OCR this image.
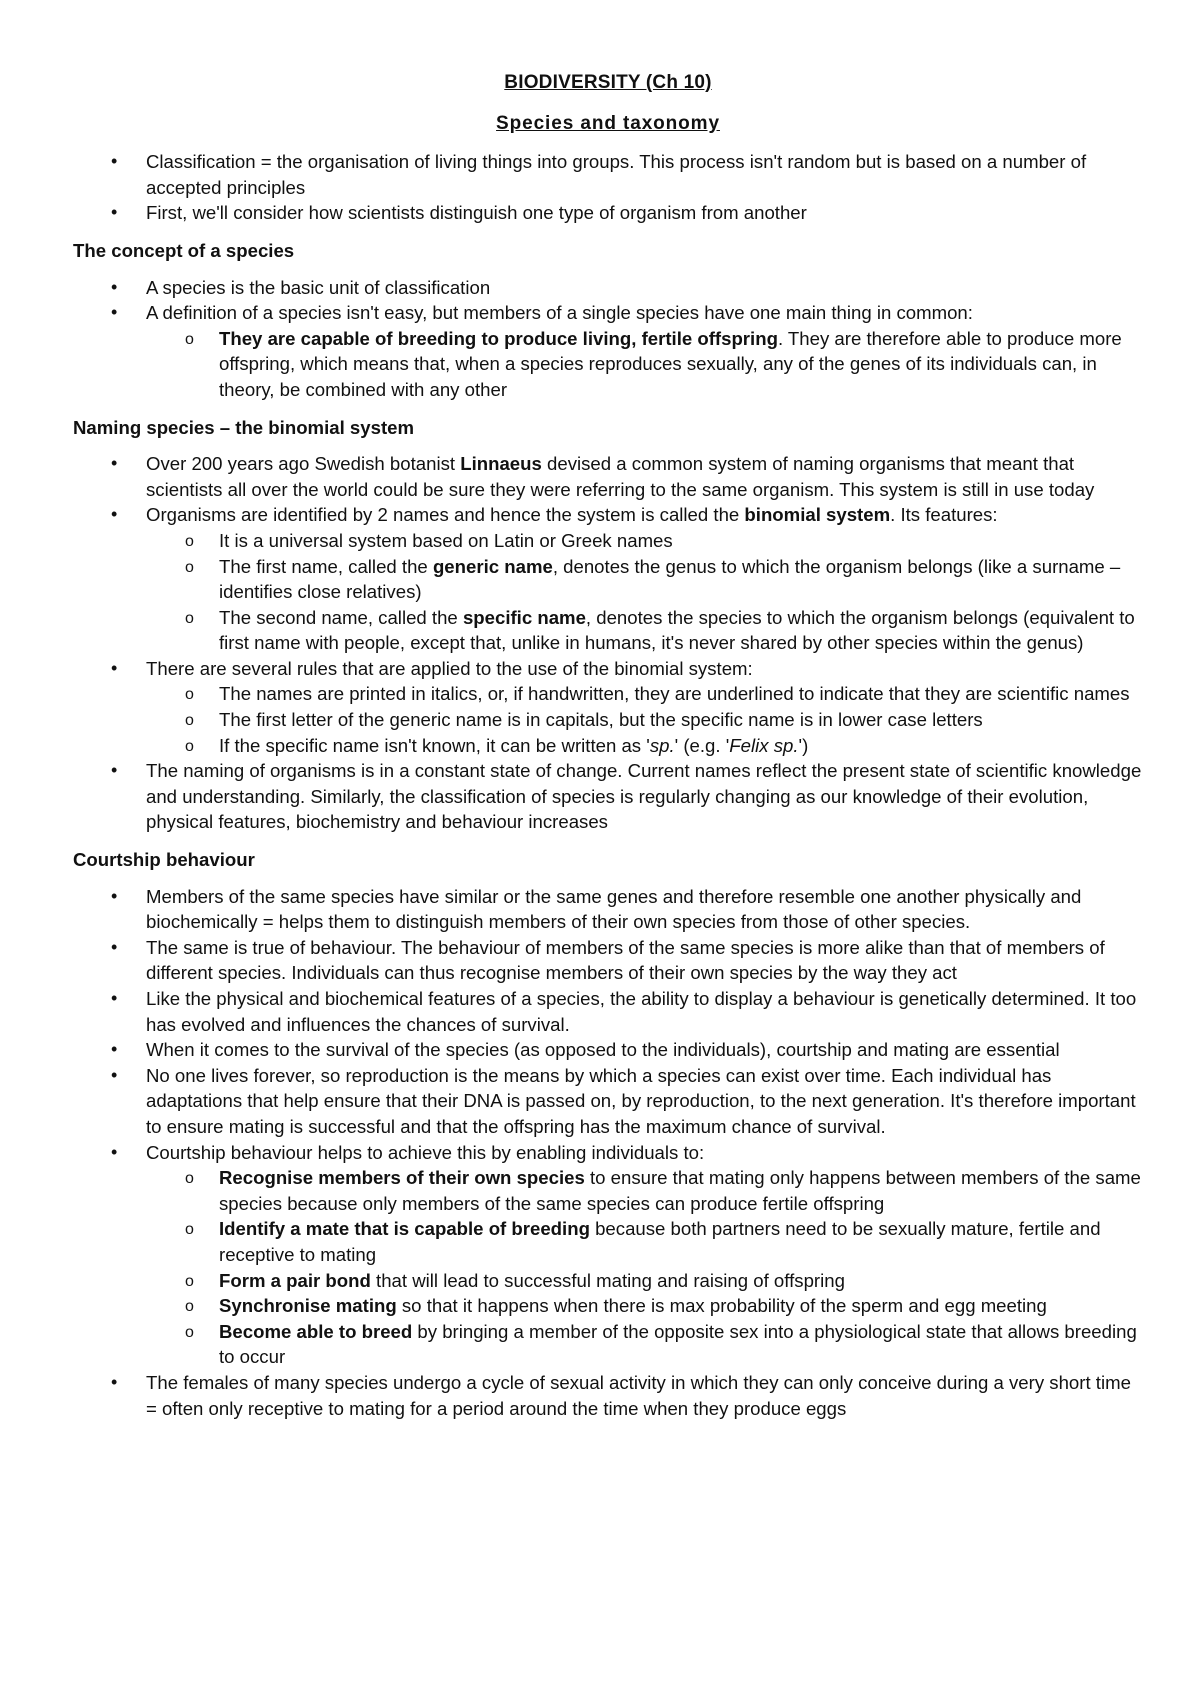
BIODIVERSITY (Ch 10)
Species and taxonomy
• Classification = the organisation of living things into groups. This process isn't random but is based on a number of accepted principles
• First, we'll consider how scientists distinguish one type of organism from another
The concept of a species
• A species is the basic unit of classification
• A definition of a species isn't easy, but members of a single species have one main thing in common:
o They are capable of breeding to produce living, fertile offspring. They are therefore able to produce more offspring, which means that, when a species reproduces sexually, any of the genes of its individuals can, in theory, be combined with any other
Naming species – the binomial system
• Over 200 years ago Swedish botanist Linnaeus devised a common system of naming organisms that meant that scientists all over the world could be sure they were referring to the same organism. This system is still in use today
• Organisms are identified by 2 names and hence the system is called the binomial system. Its features:
o It is a universal system based on Latin or Greek names
o The first name, called the generic name, denotes the genus to which the organism belongs (like a surname – identifies close relatives)
o The second name, called the specific name, denotes the species to which the organism belongs (equivalent to first name with people, except that, unlike in humans, it's never shared by other species within the genus)
• There are several rules that are applied to the use of the binomial system:
o The names are printed in italics, or, if handwritten, they are underlined to indicate that they are scientific names
o The first letter of the generic name is in capitals, but the specific name is in lower case letters
o If the specific name isn't known, it can be written as 'sp.' (e.g. 'Felix sp.')
• The naming of organisms is in a constant state of change. Current names reflect the present state of scientific knowledge and understanding. Similarly, the classification of species is regularly changing as our knowledge of their evolution, physical features, biochemistry and behaviour increases
Courtship behaviour
• Members of the same species have similar or the same genes and therefore resemble one another physically and biochemically = helps them to distinguish members of their own species from those of other species.
• The same is true of behaviour. The behaviour of members of the same species is more alike than that of members of different species. Individuals can thus recognise members of their own species by the way they act
• Like the physical and biochemical features of a species, the ability to display a behaviour is genetically determined. It too has evolved and influences the chances of survival.
• When it comes to the survival of the species (as opposed to the individuals), courtship and mating are essential
• No one lives forever, so reproduction is the means by which a species can exist over time. Each individual has adaptations that help ensure that their DNA is passed on, by reproduction, to the next generation. It's therefore important to ensure mating is successful and that the offspring has the maximum chance of survival.
• Courtship behaviour helps to achieve this by enabling individuals to:
o Recognise members of their own species to ensure that mating only happens between members of the same species because only members of the same species can produce fertile offspring
o Identify a mate that is capable of breeding because both partners need to be sexually mature, fertile and receptive to mating
o Form a pair bond that will lead to successful mating and raising of offspring
o Synchronise mating so that it happens when there is max probability of the sperm and egg meeting
o Become able to breed by bringing a member of the opposite sex into a physiological state that allows breeding to occur
• The females of many species undergo a cycle of sexual activity in which they can only conceive during a very short time = often only receptive to mating for a period around the time when they produce eggs
